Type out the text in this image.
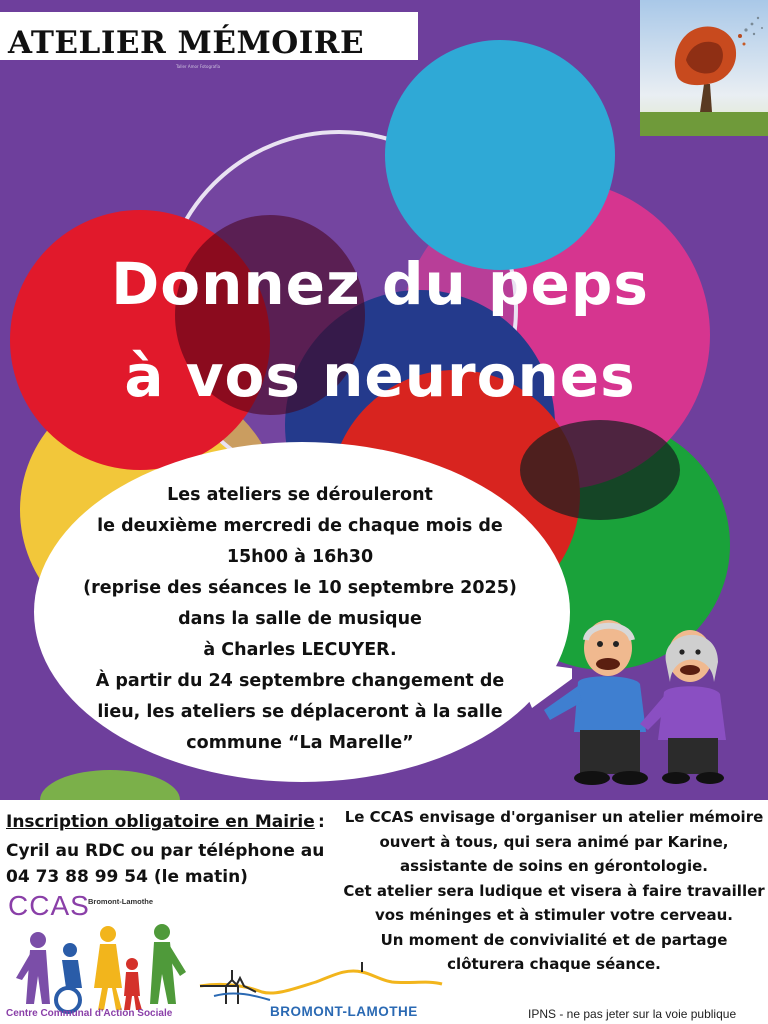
ATELIER MÉMOIRE
Taller Amor Fotografía
Donnez du peps
à vos neurones
Les ateliers se dérouleront
le deuxième mercredi de chaque mois de
15h00 à 16h30
(reprise des séances le 10 septembre 2025)
dans la salle de musique
à Charles LECUYER.
À partir du 24 septembre changement de
lieu, les ateliers se déplaceront à la salle
commune “La Marelle”
Inscription obligatoire en Mairie :
Cyril au RDC ou par téléphone au
04 73 88 99 54 (le matin)
Le CCAS envisage d'organiser un atelier mémoire
ouvert à tous, qui sera animé par Karine,
assistante de soins en gérontologie.
Cet atelier sera ludique et visera à faire travailler
vos méninges et à stimuler votre cerveau.
Un moment de convivialité et de partage
clôturera chaque séance.
CCAS
Bromont-Lamothe
Centre Communal d'Action Sociale	BROMONT-LAMOTHE	IPNS - ne pas jeter sur la voie publique
